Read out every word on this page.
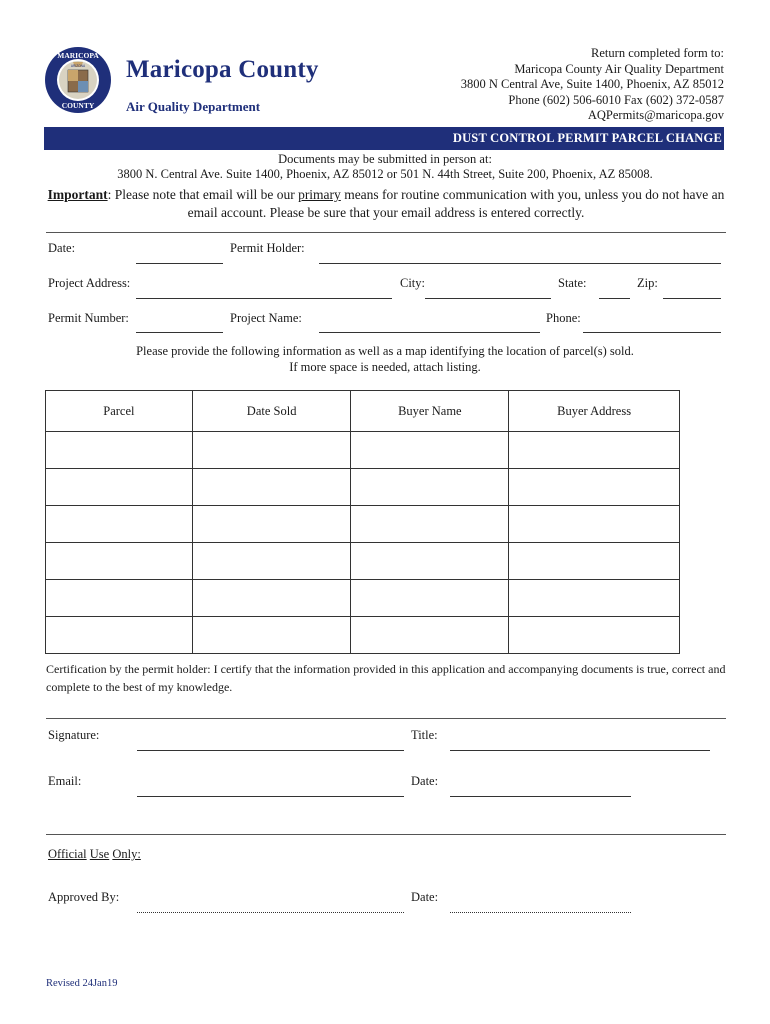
MARICOPA
COUNTY
ARIZONA Maricopa County
Air Quality Department
Return completed form to:
Maricopa County Air Quality Department
3800 N Central Ave, Suite 1400, Phoenix, AZ 85012
Phone (602) 506-6010 Fax (602) 372-0587
AQPermits@maricopa.gov
DUST CONTROL PERMIT PARCEL CHANGE
Documents may be submitted in person at:
3800 N. Central Ave. Suite 1400, Phoenix, AZ 85012 or 501 N. 44th Street, Suite 200, Phoenix, AZ 85008.
Important: Please note that email will be our primary means for routine communication with you, unless you do not have an email account. Please be sure that your email address is entered correctly.
Date:	Permit Holder:
Project Address:	City:	State:	Zip:
Permit Number:	Project Name:	Phone:
Please provide the following information as well as a map identifying the location of parcel(s) sold.
If more space is needed, attach listing.
Parcel	Date Sold	Buyer Name	Buyer Address

Certification by the permit holder: I certify that the information provided in this application and accompanying documents is true, correct and complete to the best of my knowledge.
Signature:	Title:
Email:	Date:
Official Use Only:
Approved By:	Date:
Revised 24Jan19
